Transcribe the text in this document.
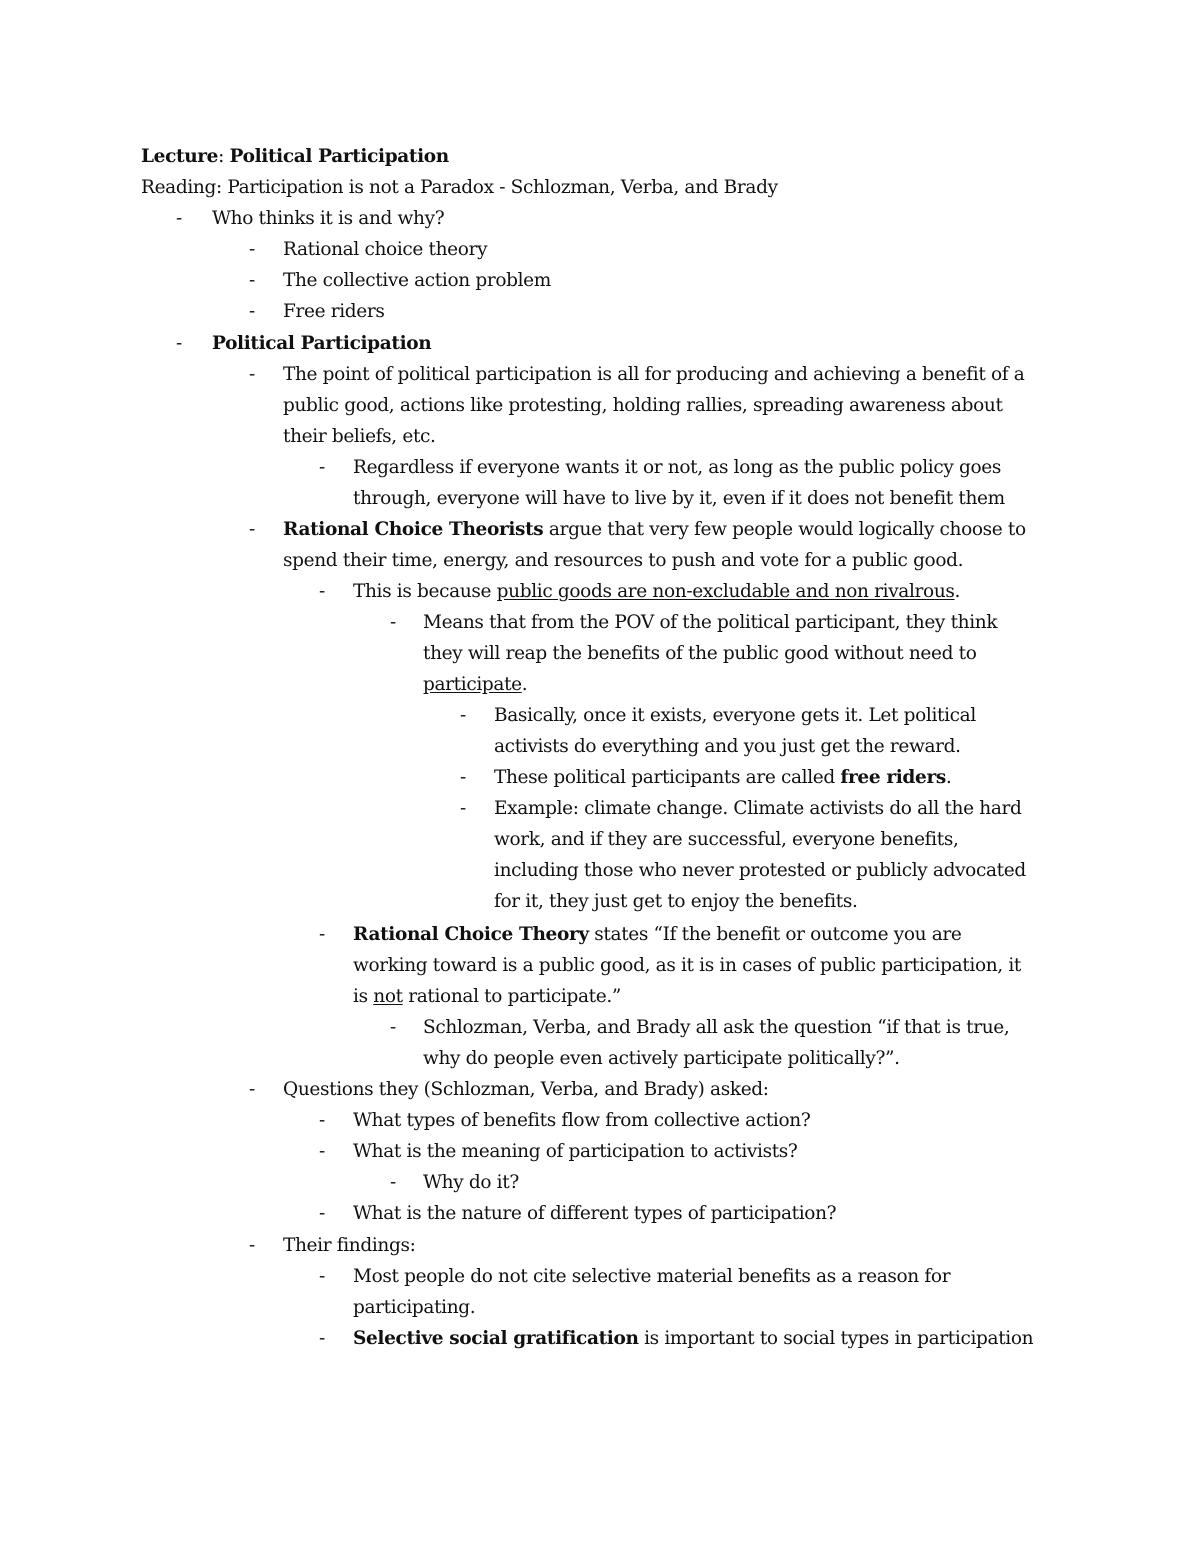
Lecture: Political Participation
Reading: Participation is not a Paradox - Schlozman, Verba, and Brady
- Who thinks it is and why?
- Rational choice theory
- The collective action problem
- Free riders
- Political Participation
- The point of political participation is all for producing and achieving a benefit of a
public good, actions like protesting, holding rallies, spreading awareness about
their beliefs, etc.
- Regardless if everyone wants it or not, as long as the public policy goes
through, everyone will have to live by it, even if it does not benefit them
- Rational Choice Theorists argue that very few people would logically choose to
spend their time, energy, and resources to push and vote for a public good.
- This is because public goods are non-excludable and non rivalrous.
- Means that from the POV of the political participant, they think
they will reap the benefits of the public good without need to
participate.
- Basically, once it exists, everyone gets it. Let political
activists do everything and you just get the reward.
- These political participants are called free riders.
- Example: climate change. Climate activists do all the hard
work, and if they are successful, everyone benefits,
including those who never protested or publicly advocated
for it, they just get to enjoy the benefits.
- Rational Choice Theory states “If the benefit or outcome you are
working toward is a public good, as it is in cases of public participation, it
is not rational to participate.”
- Schlozman, Verba, and Brady all ask the question “if that is true,
why do people even actively participate politically?”.
- Questions they (Schlozman, Verba, and Brady) asked:
- What types of benefits flow from collective action?
- What is the meaning of participation to activists?
- Why do it?
- What is the nature of different types of participation?
- Their findings:
- Most people do not cite selective material benefits as a reason for
participating.
- Selective social gratification is important to social types in participation
